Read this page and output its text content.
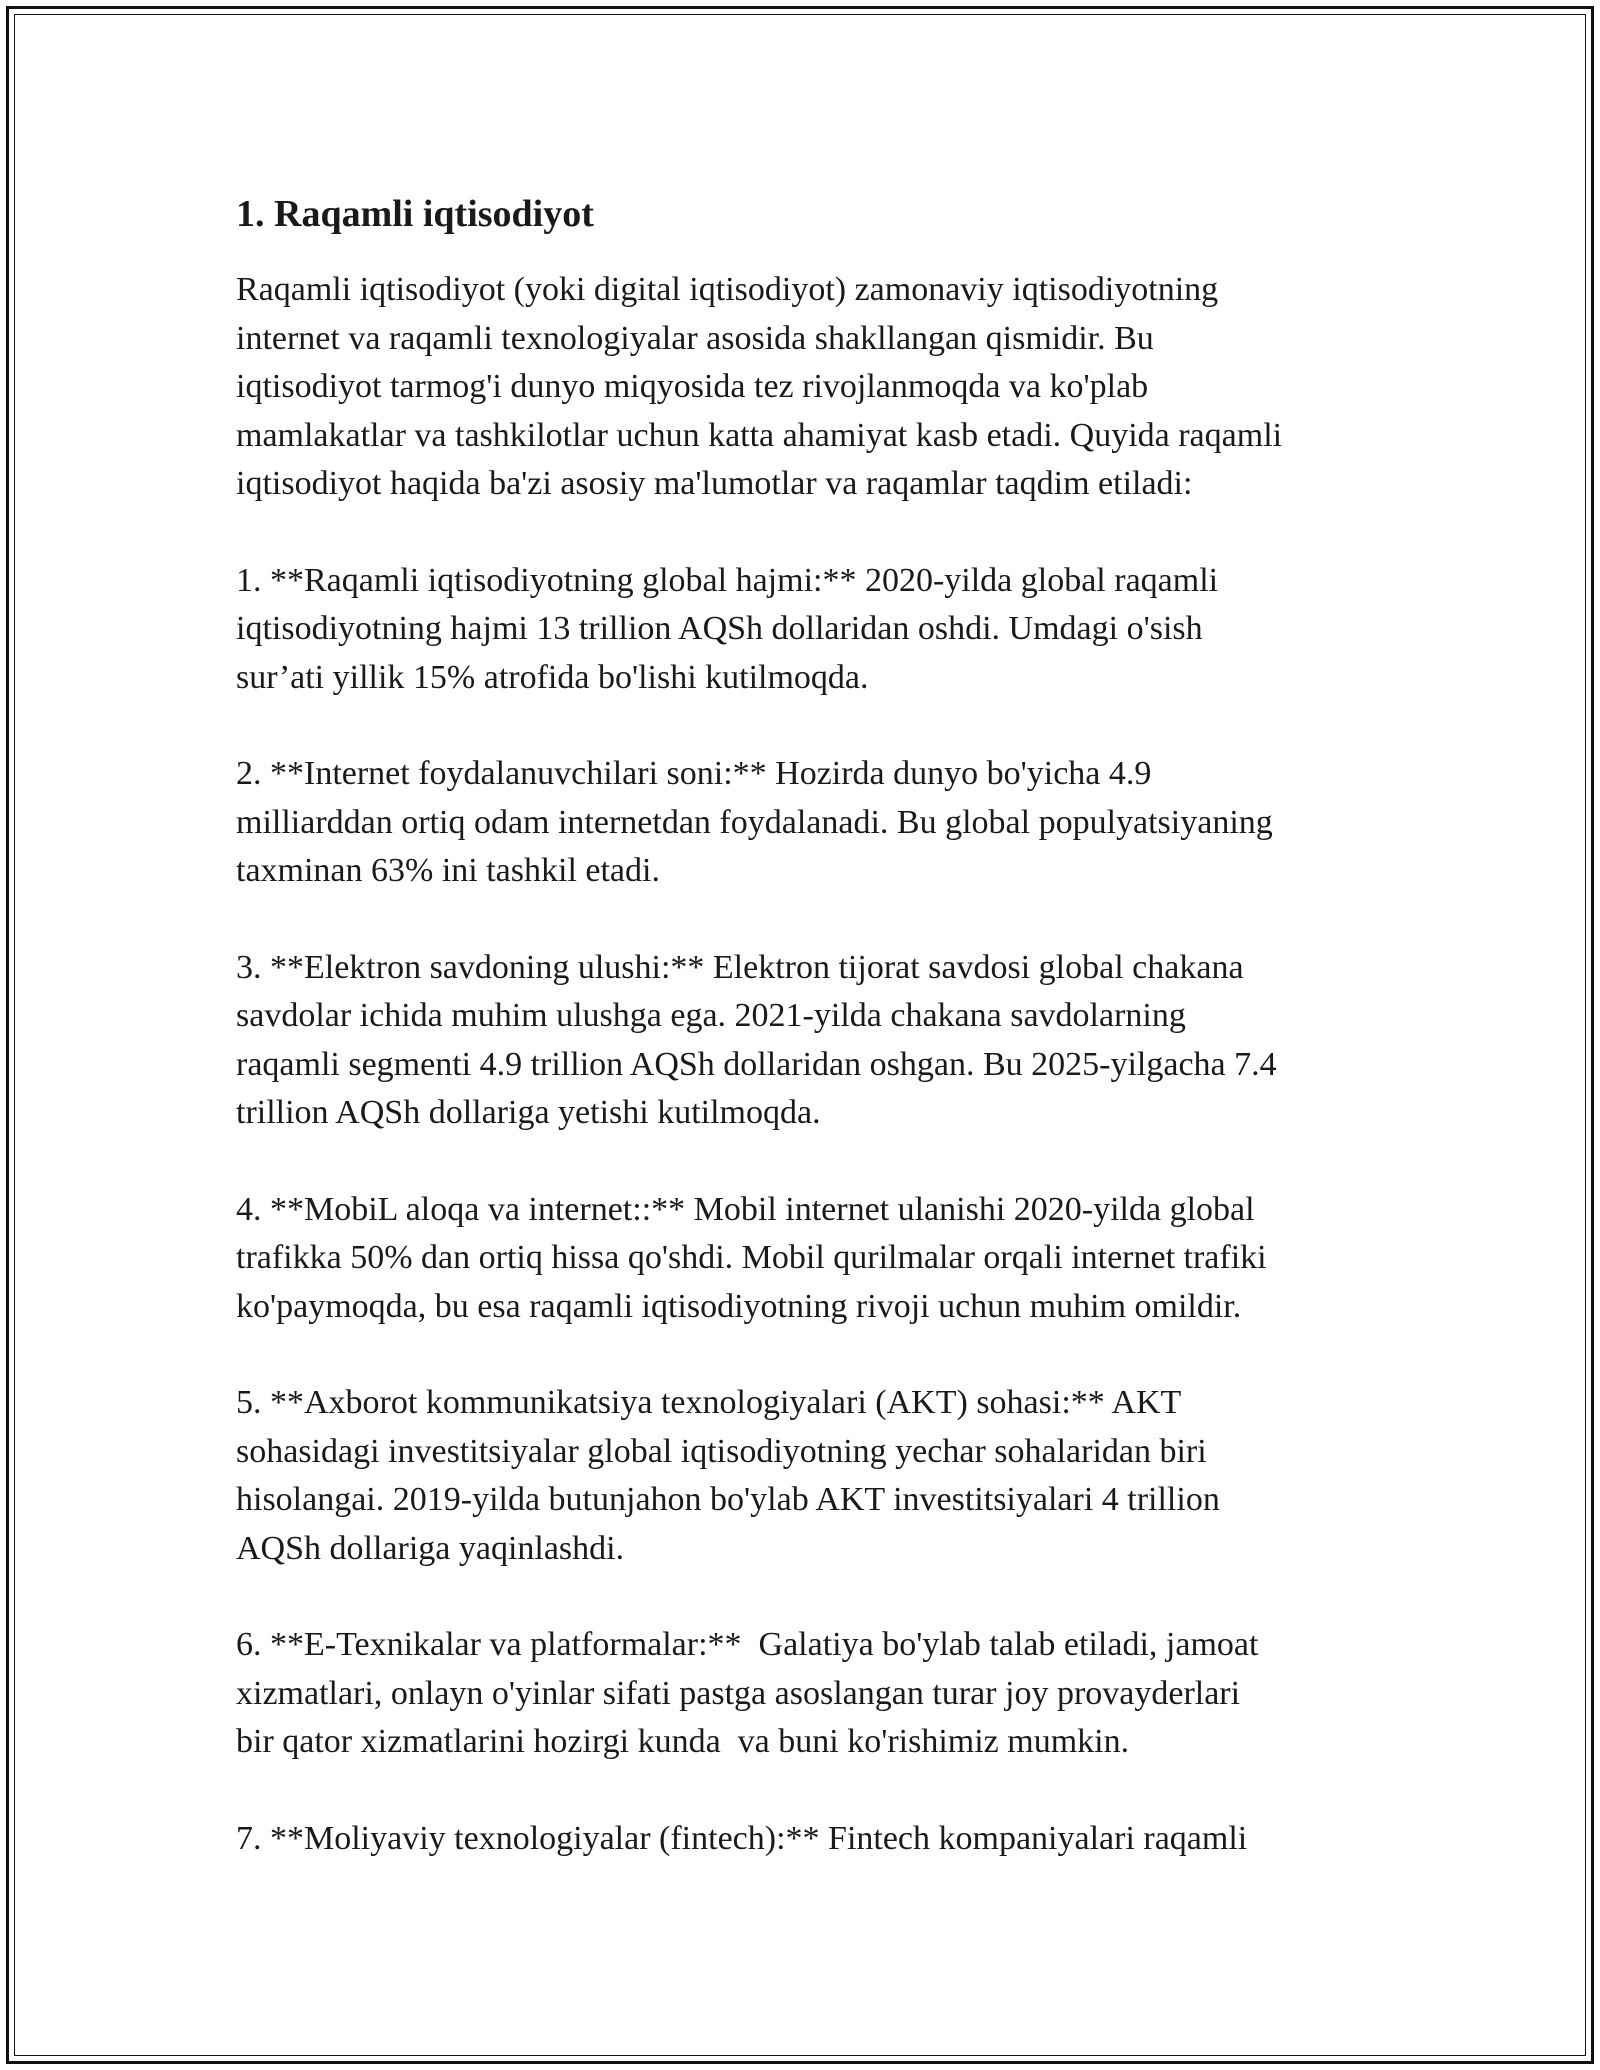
1. Raqamli iqtisodiyot

Raqamli iqtisodiyot (yoki digital iqtisodiyot) zamonaviy iqtisodiyotning
internet va raqamli texnologiyalar asosida shakllangan qismidir. Bu
iqtisodiyot tarmog'i dunyo miqyosida tez rivojlanmoqda va ko'plab
mamlakatlar va tashkilotlar uchun katta ahamiyat kasb etadi. Quyida raqamli
iqtisodiyot haqida ba'zi asosiy ma'lumotlar va raqamlar taqdim etiladi:

1. **Raqamli iqtisodiyotning global hajmi:** 2020-yilda global raqamli
iqtisodiyotning hajmi 13 trillion AQSh dollaridan oshdi. Umdagi o'sish
sur’ati yillik 15% atrofida bo'lishi kutilmoqda.

2. **Internet foydalanuvchilari soni:** Hozirda dunyo bo'yicha 4.9
milliarddan ortiq odam internetdan foydalanadi. Bu global populyatsiyaning
taxminan 63% ini tashkil etadi.

3. **Elektron savdoning ulushi:** Elektron tijorat savdosi global chakana
savdolar ichida muhim ulushga ega. 2021-yilda chakana savdolarning
raqamli segmenti 4.9 trillion AQSh dollaridan oshgan. Bu 2025-yilgacha 7.4
trillion AQSh dollariga yetishi kutilmoqda.

4. **MobiL aloqa va internet::** Mobil internet ulanishi 2020-yilda global
trafikka 50% dan ortiq hissa qo'shdi. Mobil qurilmalar orqali internet trafiki
ko'paymoqda, bu esa raqamli iqtisodiyotning rivoji uchun muhim omildir.

5. **Axborot kommunikatsiya texnologiyalari (AKT) sohasi:** AKT
sohasidagi investitsiyalar global iqtisodiyotning yechar sohalaridan biri
hisolangai. 2019-yilda butunjahon bo'ylab AKT investitsiyalari 4 trillion
AQSh dollariga yaqinlashdi.

6. **E-Texnikalar va platformalar:**  Galatiya bo'ylab talab etiladi, jamoat
xizmatlari, onlayn o'yinlar sifati pastga asoslangan turar joy provayderlari
bir qator xizmatlarini hozirgi kunda  va buni ko'rishimiz mumkin.

7. **Moliyaviy texnologiyalar (fintech):** Fintech kompaniyalari raqamli
